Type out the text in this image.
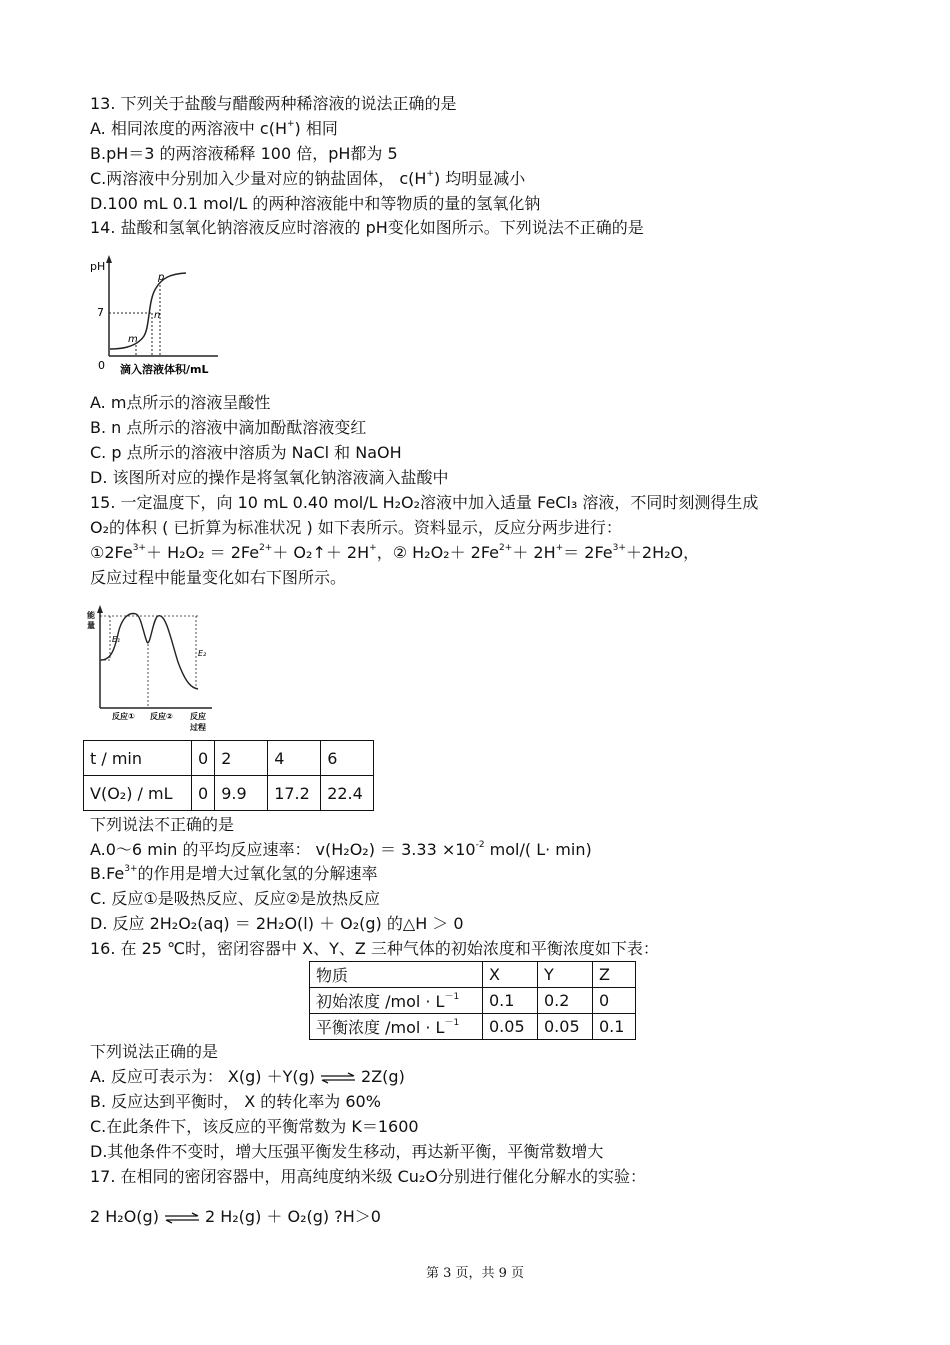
13. 下列关于盐酸与醋酸两种稀溶液的说法正确的是
A. 相同浓度的两溶液中 c(H+) 相同
B.pH＝3 的两溶液稀释 100 倍，pH都为 5
C.两溶液中分别加入少量对应的钠盐固体， c(H+) 均明显减小
D.100 mL 0.1 mol/L 的两种溶液能中和等物质的量的氢氧化钠
14. 盐酸和氢氧化钠溶液反应时溶液的 pH变化如图所示。下列说法不正确的是
pH
7
0
m
n
p
滴入溶液体积/mL
A. m点所示的溶液呈酸性
B. n 点所示的溶液中滴加酚酞溶液变红
C. p 点所示的溶液中溶质为 NaCl 和 NaOH
D. 该图所对应的操作是将氢氧化钠溶液滴入盐酸中
15. 一定温度下，向 10 mL 0.40 mol/L H₂O₂溶液中加入适量 FeCl₃ 溶液，不同时刻测得生成
O₂的体积 ( 已折算为标准状况 ) 如下表所示。资料显示，反应分两步进行：
$①2Fe^{3+}+ H_2O_2 = 2Fe^{2+}+$ O₂↑＋ 2H+，② $H_2O_2+ 2Fe^{2+}+ 2H^+= 2Fe^{3+}+2H_2O$，
反应过程中能量变化如右下图所示。
能
量
E₁
E₂
反应① 反应② 反应
过程
t / min	0	2	4	6
V(O₂) / mL	0	9.9	17.2	22.4
下列说法不正确的是
A.0～6 min 的平均反应速率： $v(H_2O_2) = 3.33 \times 10^{-2}$ mol/( L· min)
$B.Fe^{3+}$的作用是增大过氧化氢的分解速率
C. 反应①是吸热反应、反应②是放热反应
D. 反应 2H₂O₂(aq) ＝ 2H₂O(l) ＋ O₂(g) 的△H ＞ 0
16. 在 25 ℃时，密闭容器中 X、Y、Z 三种气体的初始浓度和平衡浓度如下表：
物质	X	Y	Z
初始浓度 $/mol \cdot L^{-1}$	0.1	0.2	0
平衡浓度 $/mol \cdot L^{-1}$	0.05	0.05	0.1
下列说法正确的是
A. 反应可表示为： X(g) ＋Y(g) ⇌ 2Z(g)
B. 反应达到平衡时， X 的转化率为 60%
C.在此条件下，该反应的平衡常数为 K＝1600
D.其他条件不变时，增大压强平衡发生移动，再达新平衡，平衡常数增大
17. 在相同的密闭容器中，用高纯度纳米级 Cu₂O分别进行催化分解水的实验：
2 H₂O(g) ⇌ 2 H₂(g) ＋ O₂(g) ?H＞0
第 3 页，共 9 页
